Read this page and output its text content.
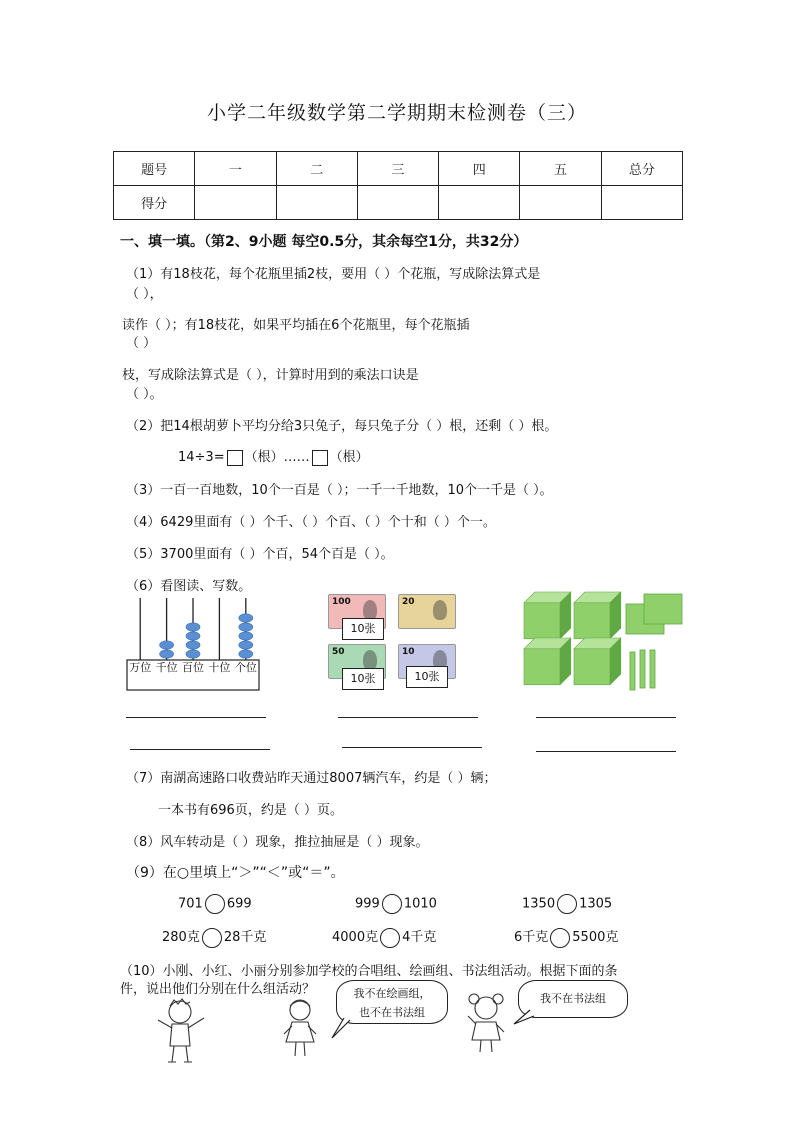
小学二年级数学第二学期期末检测卷（三）
题号	一	二	三	四	五	总分
得分						
一、填一填。（第2、9小题 每空0.5分，其余每空1分，共32分）
（1）有18枝花，每个花瓶里插2枝，要用（ ）个花瓶，写成除法算式是
（ ），
读作（ ）；有18枝花，如果平均插在6个花瓶里，每个花瓶插
（ ）
枝，写成除法算式是（ ），计算时用到的乘法口诀是
（ ）。
（2）把14根胡萝卜平均分给3只兔子，每只兔子分（ ）根，还剩（ ）根。
14÷3= （根）…… （根）
（3）一百一百地数，10个一百是（ ）；一千一千地数，10个一千是（ ）。
（4）6429里面有（ ）个千、（ ）个百、（ ）个十和（ ）个一。
（5）3700里面有（ ）个百，54个百是（ ）。
（6）看图读、写数。
万位 千位 百位 十位 个位
100	20
50	10
10张
10张	10张
（7）南湖高速路口收费站昨天通过8007辆汽车，约是（ ）辆；
一本书有696页，约是（ ）页。
（8）风车转动是（ ）现象，推拉抽屉是（ ）现象。
（9）在○里填上“＞”“＜”或“＝”。
701 699	999 1010	1350 1305
280克 28千克	4000克 4千克	6千克 5500克
（10）小刚、小红、小丽分别参加学校的合唱组、绘画组、书法组活动。根据下面的条
件，说出他们分别在什么组活动？	我不在绘画组，
也不在书法组
我不在书法组
